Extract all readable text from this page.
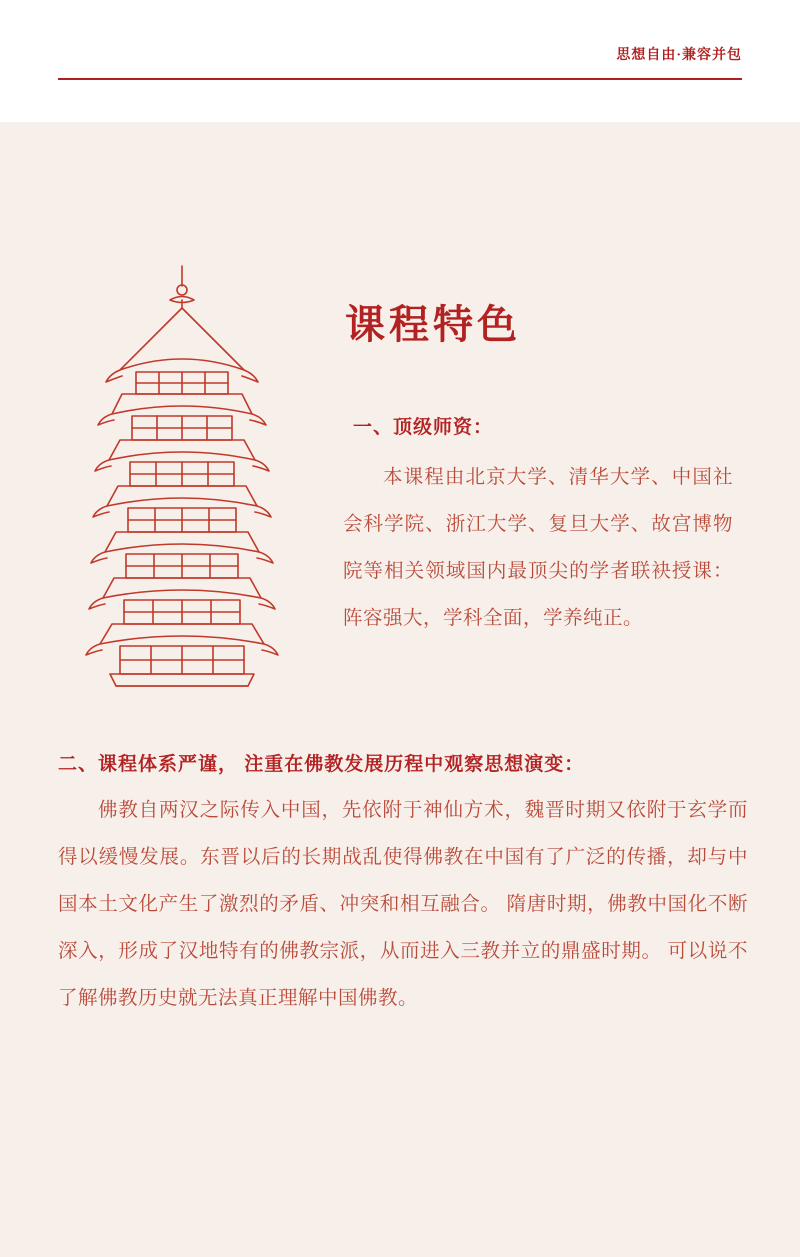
思想自由·兼容并包
课程特色
一、顶级师资：
本课程由北京大学、清华大学、中国社会科学院、浙江大学、复旦大学、故宫博物院等相关领域国内最顶尖的学者联袂授课： 阵容强大，学科全面，学养纯正。
二、课程体系严谨， 注重在佛教发展历程中观察思想演变：
佛教自两汉之际传入中国，先依附于神仙方术，魏晋时期又依附于玄学而得以缓慢发展。东晋以后的长期战乱使得佛教在中国有了广泛的传播，却与中国本土文化产生了激烈的矛盾、冲突和相互融合。 隋唐时期，佛教中国化不断深入，形成了汉地特有的佛教宗派，从而进入三教并立的鼎盛时期。 可以说不了解佛教历史就无法真正理解中国佛教。
